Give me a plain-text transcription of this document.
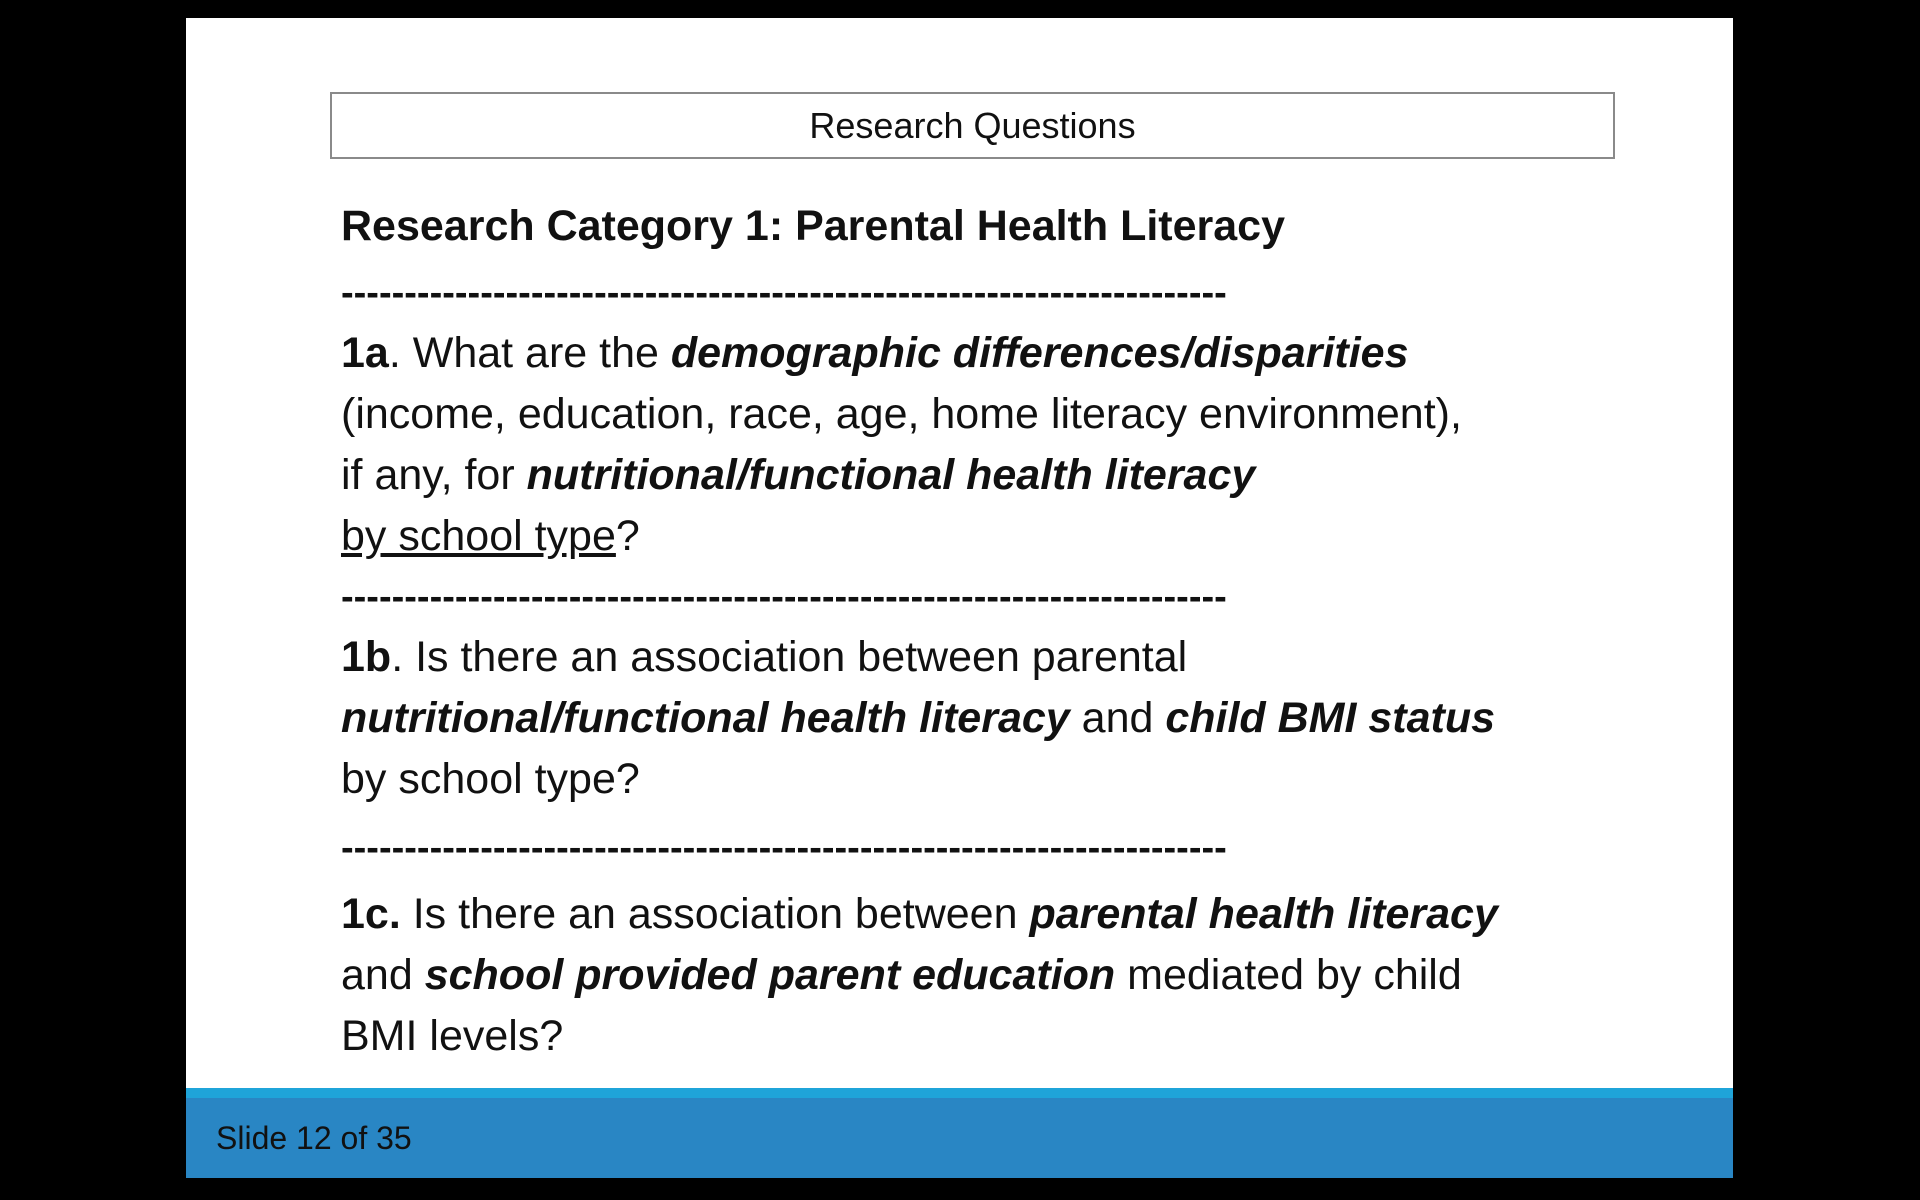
Research Questions

Research Category 1: Parental Health Literacy

----------------------------------------------------------------------

1a. What are the demographic differences/disparities

(income, education, race, age, home literacy environment),

if any, for nutritional/functional health literacy

by school type?

----------------------------------------------------------------------

1b. Is there an association between parental

nutritional/functional health literacy and child BMI status

by school type?

----------------------------------------------------------------------

1c. Is there an association between parental health literacy

and school provided parent education mediated by child

BMI levels?

Slide 12 of 35
